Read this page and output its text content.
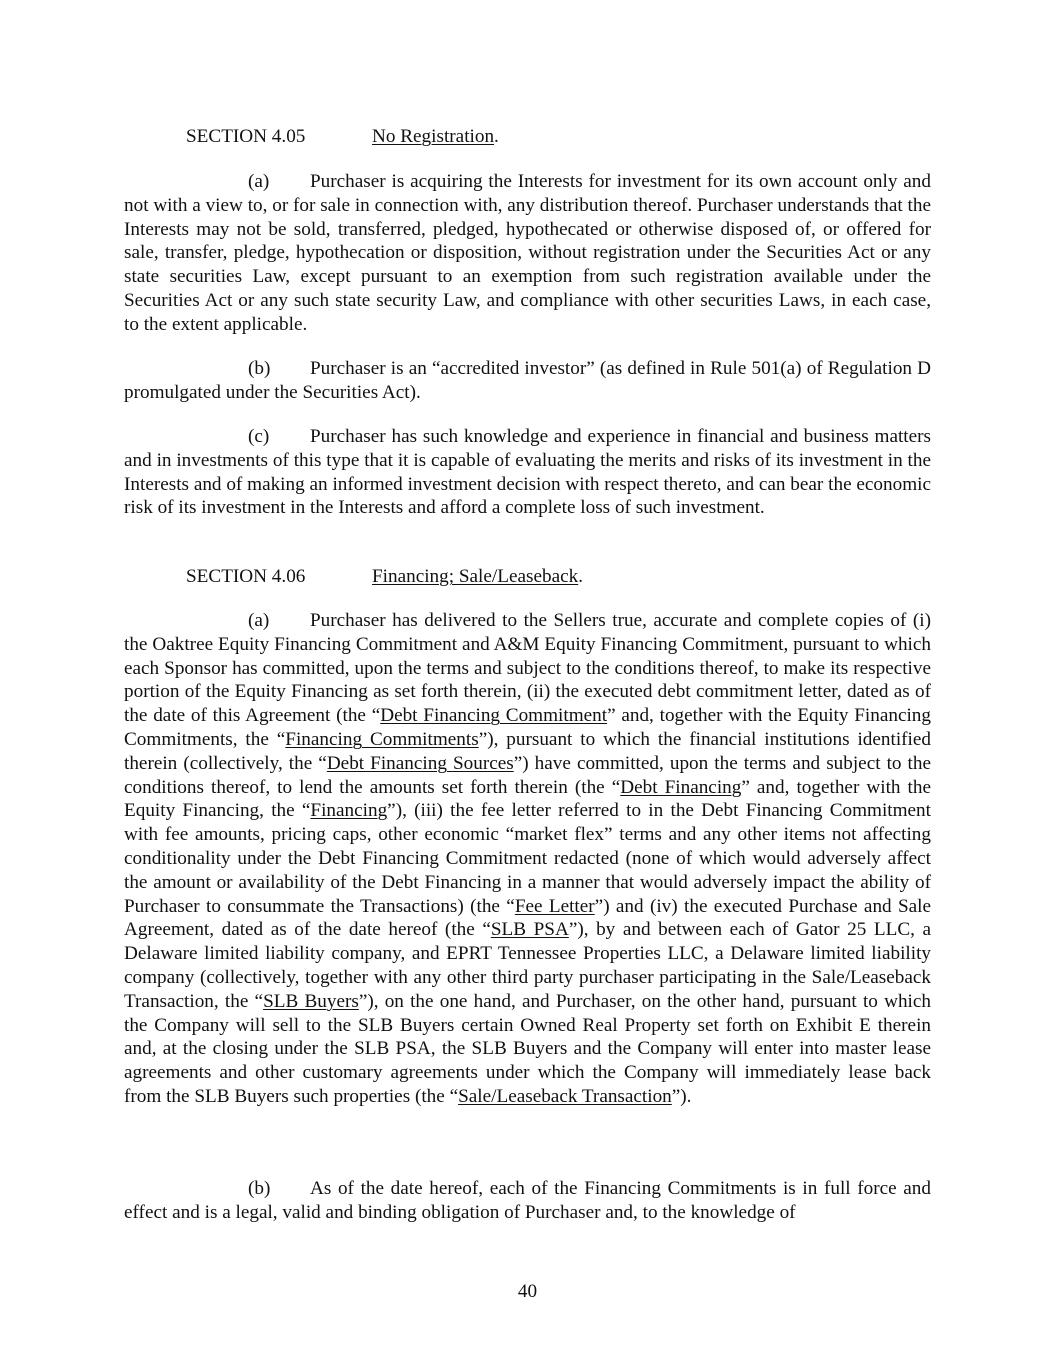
SECTION 4.05	No Registration.
(a) Purchaser is acquiring the Interests for investment for its own account only and not with a view to, or for sale in connection with, any distribution thereof. Purchaser understands that the Interests may not be sold, transferred, pledged, hypothecated or otherwise disposed of, or offered for sale, transfer, pledge, hypothecation or disposition, without registration under the Securities Act or any state securities Law, except pursuant to an exemption from such registration available under the Securities Act or any such state security Law, and compliance with other securities Laws, in each case, to the extent applicable.
(b) Purchaser is an “accredited investor” (as defined in Rule 501(a) of Regulation D promulgated under the Securities Act).
(c) Purchaser has such knowledge and experience in financial and business matters and in investments of this type that it is capable of evaluating the merits and risks of its investment in the Interests and of making an informed investment decision with respect thereto, and can bear the economic risk of its investment in the Interests and afford a complete loss of such investment.
SECTION 4.06	Financing; Sale/Leaseback.
(a) Purchaser has delivered to the Sellers true, accurate and complete copies of (i) the Oaktree Equity Financing Commitment and A&M Equity Financing Commitment, pursuant to which each Sponsor has committed, upon the terms and subject to the conditions thereof, to make its respective portion of the Equity Financing as set forth therein, (ii) the executed debt commitment letter, dated as of the date of this Agreement (the “Debt Financing Commitment” and, together with the Equity Financing Commitments, the “Financing Commitments”), pursuant to which the financial institutions identified therein (collectively, the “Debt Financing Sources”) have committed, upon the terms and subject to the conditions thereof, to lend the amounts set forth therein (the “Debt Financing” and, together with the Equity Financing, the “Financing”), (iii) the fee letter referred to in the Debt Financing Commitment with fee amounts, pricing caps, other economic “market flex” terms and any other items not affecting conditionality under the Debt Financing Commitment redacted (none of which would adversely affect the amount or availability of the Debt Financing in a manner that would adversely impact the ability of Purchaser to consummate the Transactions) (the “Fee Letter”) and (iv) the executed Purchase and Sale Agreement, dated as of the date hereof (the “SLB PSA”), by and between each of Gator 25 LLC, a Delaware limited liability company, and EPRT Tennessee Properties LLC, a Delaware limited liability company (collectively, together with any other third party purchaser participating in the Sale/Leaseback Transaction, the “SLB Buyers”), on the one hand, and Purchaser, on the other hand, pursuant to which the Company will sell to the SLB Buyers certain Owned Real Property set forth on Exhibit E therein and, at the closing under the SLB PSA, the SLB Buyers and the Company will enter into master lease agreements and other customary agreements under which the Company will immediately lease back from the SLB Buyers such properties (the “Sale/Leaseback Transaction”).
(b) As of the date hereof, each of the Financing Commitments is in full force and effect and is a legal, valid and binding obligation of Purchaser and, to the knowledge of
40
